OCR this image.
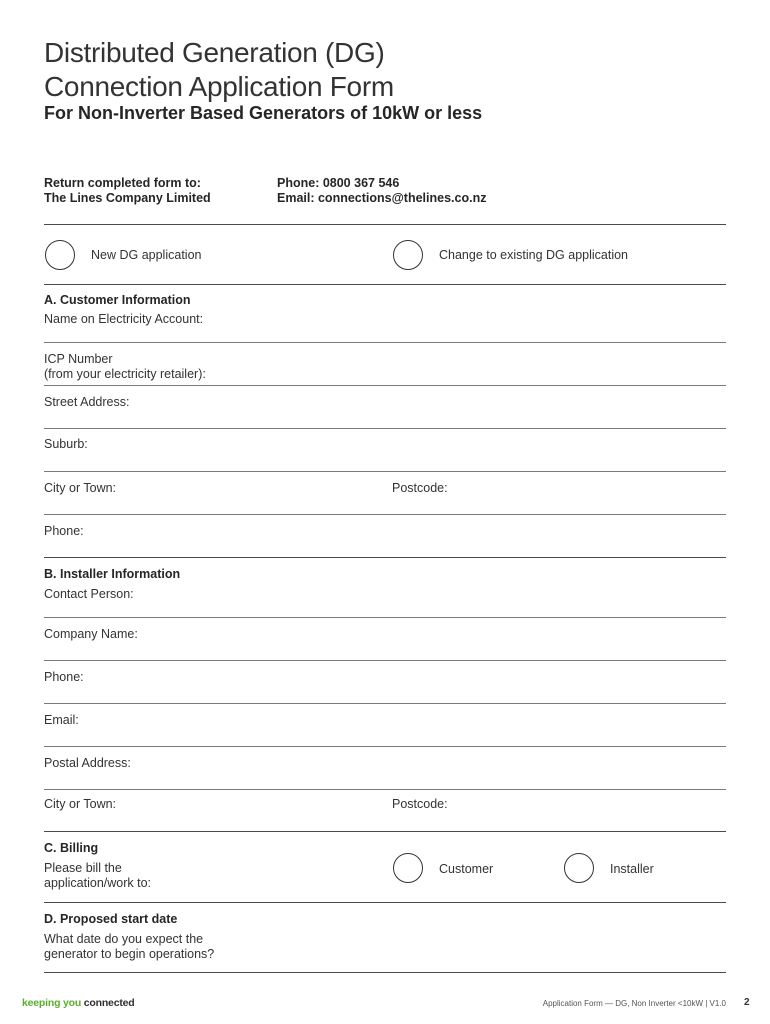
Distributed Generation (DG)
Connection Application Form
For Non-Inverter Based Generators of 10kW or less
Return completed form to:
The Lines Company Limited
Phone: 0800 367 546
Email: connections@thelines.co.nz
New DG application	Change to existing DG application
A. Customer Information
Name on Electricity Account:
ICP Number
(from your electricity retailer):
Street Address:
Suburb:
City or Town:	Postcode:
Phone:
B. Installer Information
Contact Person:
Company Name:
Phone:
Email:
Postal Address:
City or Town:	Postcode:
C. Billing
Please bill the
application/work to:
Customer	Installer
D. Proposed start date
What date do you expect the
generator to begin operations?
keeping you connected	Application Form — DG, Non Inverter <10kW | V1.0 2
